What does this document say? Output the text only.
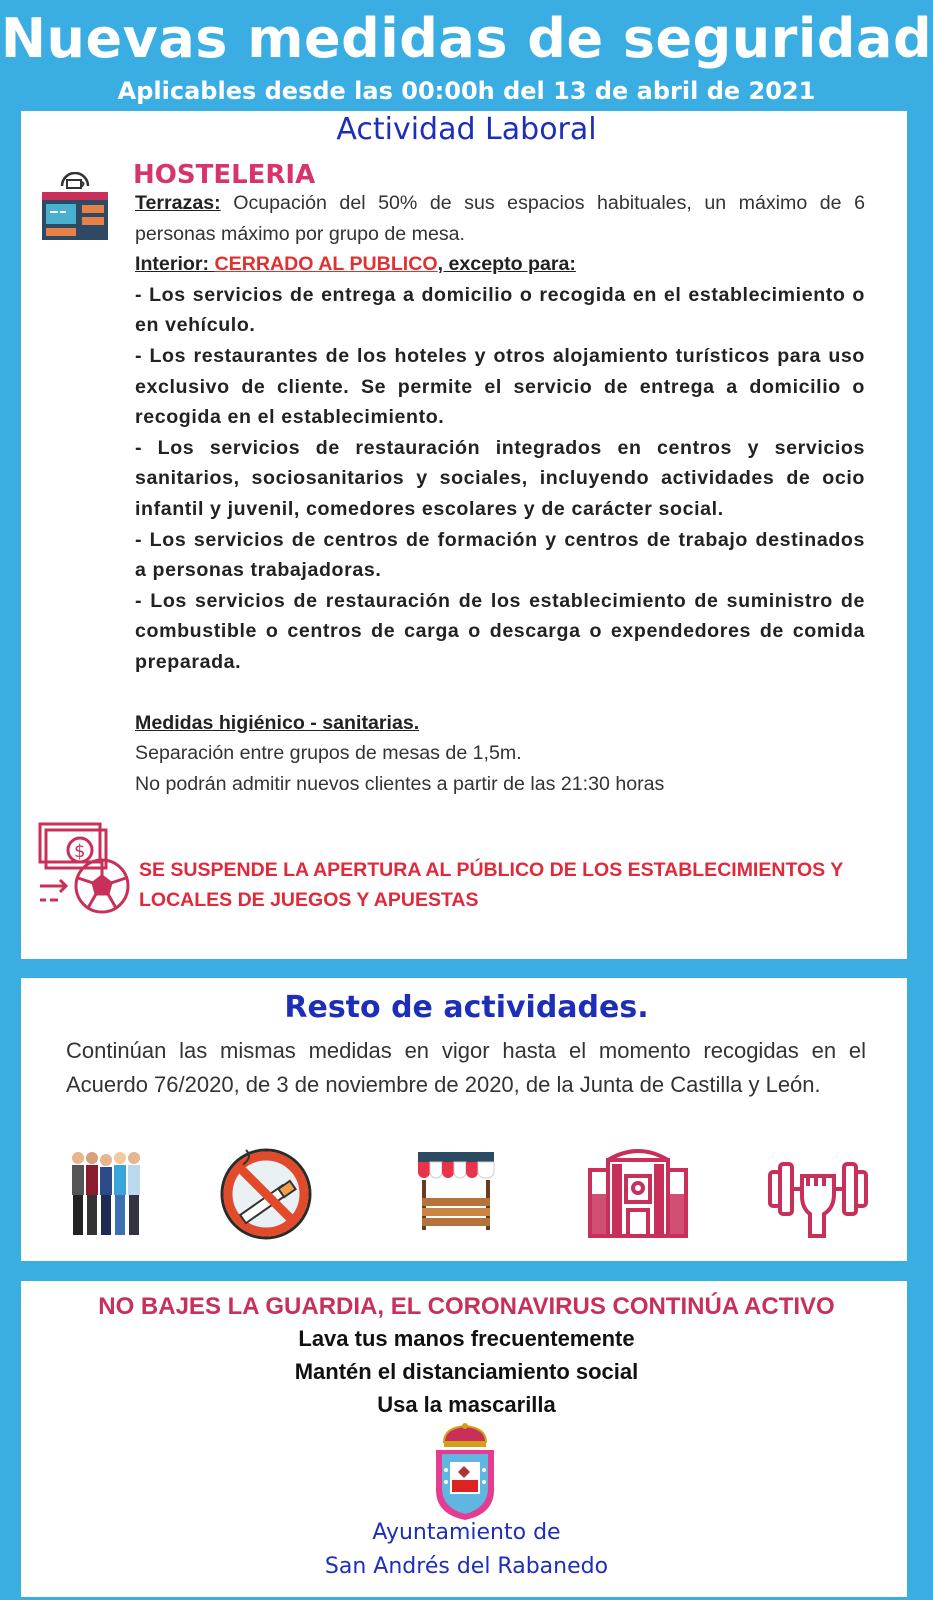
Nuevas medidas de seguridad
Aplicables desde las 00:00h del 13 de abril de 2021
Actividad Laboral
HOSTELERIA

Terrazas: Ocupación del 50% de sus espacios habituales, un máximo de 6 personas máximo por grupo de mesa.

Interior: CERRADO AL PUBLICO, excepto para:

- Los servicios de entrega a domicilio o recogida en el establecimiento o en vehículo.

- Los restaurantes de los hoteles y otros alojamiento turísticos para uso exclusivo de cliente. Se permite el servicio de entrega a domicilio o recogida en el establecimiento.

- Los servicios de restauración integrados en centros y servicios sanitarios, sociosanitarios y sociales, incluyendo actividades de ocio infantil y juvenil, comedores escolares y de carácter social.

- Los servicios de centros de formación y centros de trabajo destinados a personas trabajadoras.

- Los servicios de restauración de los establecimiento de suministro de combustible o centros de carga o descarga o expendedores de comida preparada.

Medidas higiénico - sanitarias.

Separación entre grupos de mesas de 1,5m.

No podrán admitir nuevos clientes a partir de las 21:30 horas

$
SE SUSPENDE LA APERTURA AL PÚBLICO DE LOS ESTABLECIMIENTOS Y LOCALES DE JUEGOS Y APUESTAS
Resto de actividades.
Continúan las mismas medidas en vigor hasta el momento recogidas en el Acuerdo 76/2020, de 3 de noviembre de 2020, de la Junta de Castilla y León.
NO BAJES LA GUARDIA, EL CORONAVIRUS CONTINÚA ACTIVO
Lava tus manos frecuentemente
Mantén el distanciamiento social
Usa la mascarilla
Ayuntamiento de
San Andrés del Rabanedo
